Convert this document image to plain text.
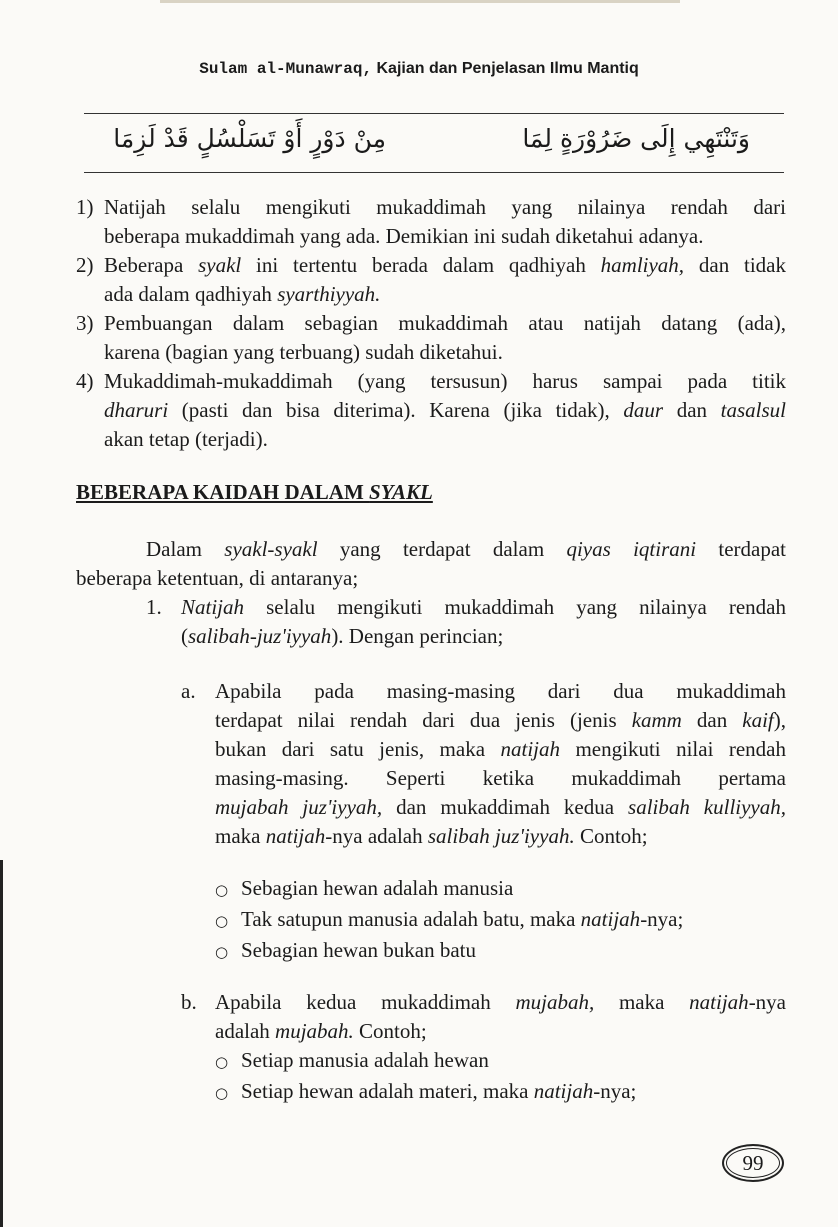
Sulam al-Munawraq, Kajian dan Penjelasan Ilmu Mantiq
وَتَنْتَهِي إِلَى ضَرُوْرَةٍ لِمَا
مِنْ دَوْرٍ أَوْ تَسَلْسُلٍ قَدْ لَزِمَا
1) Natijah selalu mengikuti mukaddimah yang nilainya rendah dari
beberapa mukaddimah yang ada. Demikian ini sudah diketahui adanya.
2) Beberapa syakl ini tertentu berada dalam qadhiyah hamliyah, dan tidak
ada dalam qadhiyah syarthiyyah.
3) Pembuangan dalam sebagian mukaddimah atau natijah datang (ada),
karena (bagian yang terbuang) sudah diketahui.
4) Mukaddimah-mukaddimah (yang tersusun) harus sampai pada titik
dharuri (pasti dan bisa diterima). Karena (jika tidak), daur dan tasalsul
akan tetap (terjadi).
BEBERAPA KAIDAH DALAM SYAKL
Dalam syakl-syakl yang terdapat dalam qiyas iqtirani terdapat
beberapa ketentuan, di antaranya;
1. Natijah selalu mengikuti mukaddimah yang nilainya rendah
(salibah-juz'iyyah). Dengan perincian;
a. Apabila pada masing-masing dari dua mukaddimah
terdapat nilai rendah dari dua jenis (jenis kamm dan kaif),
bukan dari satu jenis, maka natijah mengikuti nilai rendah
masing-masing. Seperti ketika mukaddimah pertama
mujabah juz'iyyah, dan mukaddimah kedua salibah kulliyyah,
maka natijah-nya adalah salibah juz'iyyah. Contoh;
○ Sebagian hewan adalah manusia
○ Tak satupun manusia adalah batu, maka natijah-nya;
○ Sebagian hewan bukan batu
b. Apabila kedua mukaddimah mujabah, maka natijah-nya
adalah mujabah. Contoh;
○ Setiap manusia adalah hewan
○ Setiap hewan adalah materi, maka natijah-nya;
99
